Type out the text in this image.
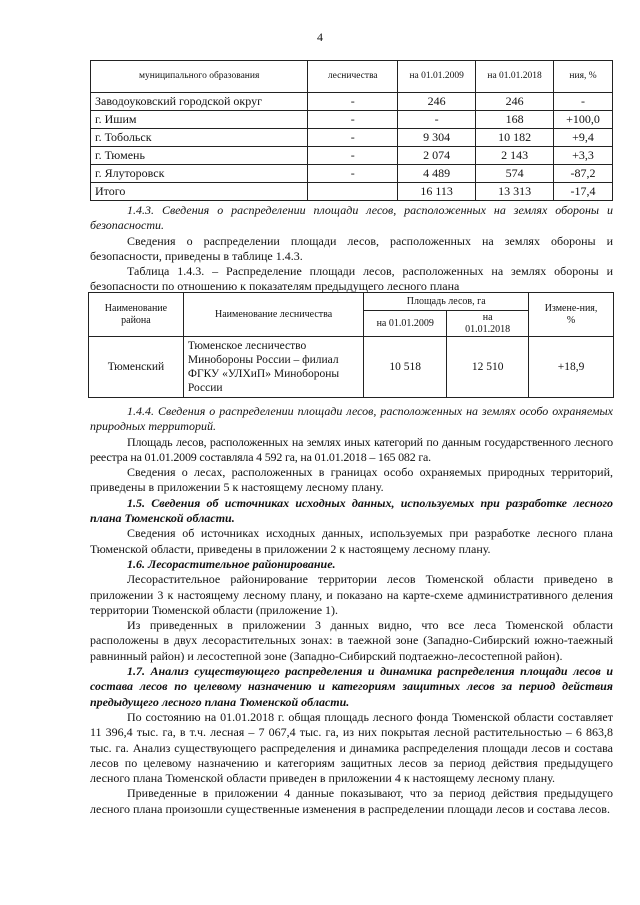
4
муниципального образования	лесничества	на 01.01.2009	на 01.01.2018	ния, %
Заводоуковский городской округ	-	246	246	-
г. Ишим	-	-	168	+100,0
г. Тобольск	-	9 304	10 182	+9,4
г. Тюмень	-	2 074	2 143	+3,3
г. Ялуторовск	-	4 489	574	-87,2
Итого		16 113	13 313	-17,4

1.4.3. Сведения о распределении площади лесов, расположенных на землях обороны и безопасности.

Сведения о распределении площади лесов, расположенных на землях обороны и безопасности, приведены в таблице 1.4.3.

Таблица 1.4.3. – Распределение площади лесов, расположенных на землях обороны и безопасности по отношению к показателям предыдущего лесного плана

Наименование района	Наименование лесничества	Площадь лесов, га		Измене-ния, %
		на 01.01.2009	на 01.01.2018	
Тюменский	Тюменское лесничество Минобороны России – филиал ФГКУ «УЛХиП» Минобороны России	10 518	12 510	+18,9

1.4.4. Сведения о распределении площади лесов, расположенных на землях особо охраняемых природных территорий.

Площадь лесов, расположенных на землях иных категорий по данным государственного лесного реестра на 01.01.2009 составляла 4 592 га, на 01.01.2018 – 165 082 га.

Сведения о лесах, расположенных в границах особо охраняемых природных территорий, приведены в приложении 5 к настоящему лесному плану.

1.5. Сведения об источниках исходных данных, используемых при разработке лесного плана Тюменской области.

Сведения об источниках исходных данных, используемых при разработке лесного плана Тюменской области, приведены в приложении 2 к настоящему лесному плану.

1.6. Лесорастительное районирование.

Лесорастительное районирование территории лесов Тюменской области приведено в приложении 3 к настоящему лесному плану, и показано на карте-схеме административного деления территории Тюменской области (приложение 1).

Из приведенных в приложении 3 данных видно, что все леса Тюменской области расположены в двух лесорастительных зонах: в таежной зоне (Западно-Сибирский южно-таежный равнинный район) и лесостепной зоне (Западно-Сибирский подтаежно-лесостепной район).

1.7. Анализ существующего распределения и динамика распределения площади лесов и состава лесов по целевому назначению и категориям защитных лесов за период действия предыдущего лесного плана Тюменской области.

По состоянию на 01.01.2018 г. общая площадь лесного фонда Тюменской области составляет 11 396,4 тыс. га, в т.ч. лесная – 7 067,4 тыс. га, из них покрытая лесной растительностью – 6 863,8 тыс. га. Анализ существующего распределения и динамика распределения площади лесов и состава лесов по целевому назначению и категориям защитных лесов за период действия предыдущего лесного плана Тюменской области приведен в приложении 4 к настоящему лесному плану.

Приведенные в приложении 4 данные показывают, что за период действия предыдущего лесного плана произошли существенные изменения в распределении площади лесов и состава лесов.
